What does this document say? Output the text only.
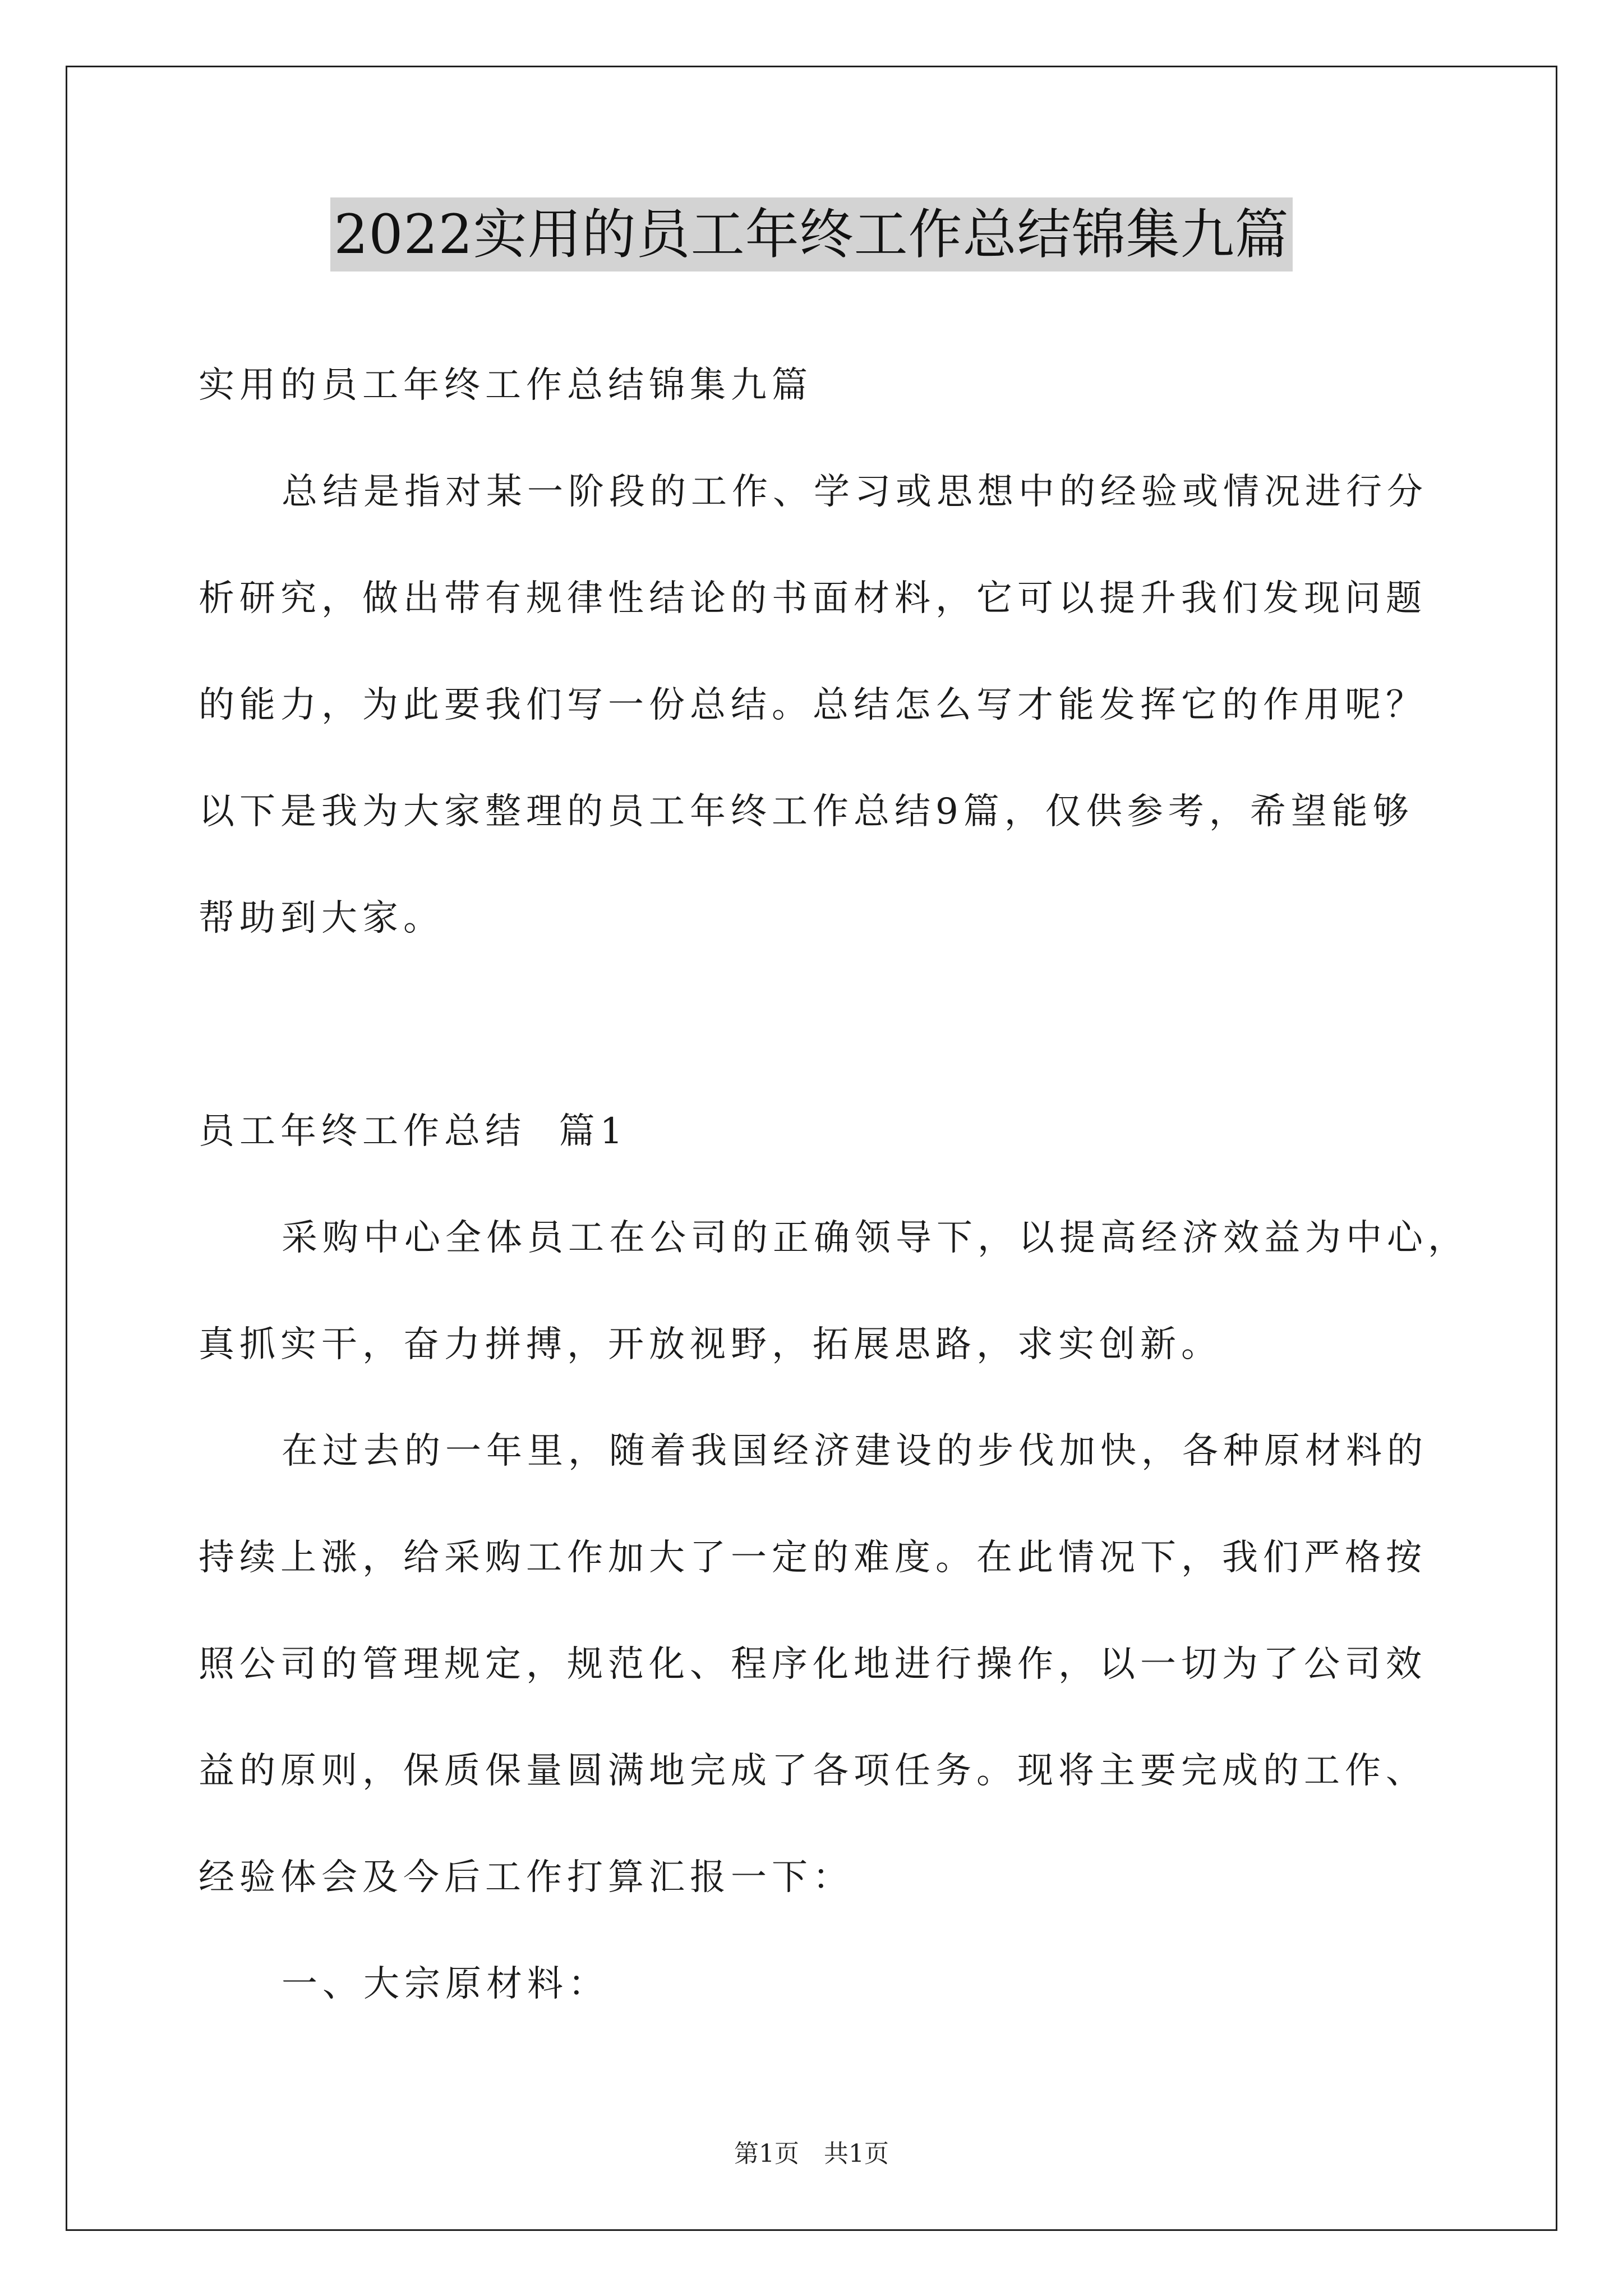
2022实用的员工年终工作总结锦集九篇
实用的员工年终工作总结锦集九篇
总结是指对某一阶段的工作、学习或思想中的经验或情况进行分
析研究，做出带有规律性结论的书面材料，它可以提升我们发现问题
的能力，为此要我们写一份总结。总结怎么写才能发挥它的作用呢？
以下是我为大家整理的员工年终工作总结9篇，仅供参考，希望能够
帮助到大家。

员工年终工作总结  篇1
采购中心全体员工在公司的正确领导下，以提高经济效益为中心，
真抓实干，奋力拼搏，开放视野，拓展思路，求实创新。
在过去的一年里，随着我国经济建设的步伐加快，各种原材料的
持续上涨，给采购工作加大了一定的难度。在此情况下，我们严格按
照公司的管理规定，规范化、程序化地进行操作，以一切为了公司效
益的原则，保质保量圆满地完成了各项任务。现将主要完成的工作、
经验体会及今后工作打算汇报一下：
一、大宗原材料：
第1页　共1页
